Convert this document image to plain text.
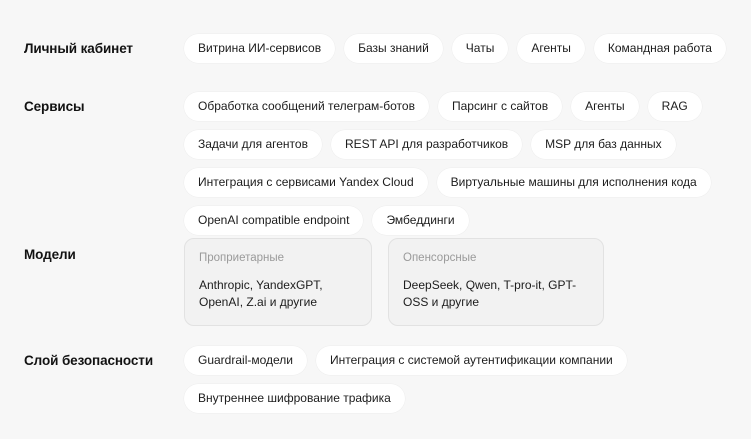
Личный кабинет	Витрина ИИ-сервисов	Базы знаний	Чаты	Агенты	Командная работа
Сервисы	Обработка сообщений телеграм-ботов	Парсинг с сайтов	Агенты	RAG
Задачи для агентов	REST API для разработчиков	MSP для баз данных
Интеграция с сервисами Yandex Cloud	Виртуальные машины для исполнения кода
OpenAI compatible endpoint	Эмбеддинги
Модели	Проприетарные
Anthropic, YandexGPT, OpenAI, Z.ai и другие
Опенсорсные
DeepSeek, Qwen, T-pro-it, GPT-OSS и другие
Слой безопасности	Guardrail-модели	Интеграция с системой аутентификации компании
Внутреннее шифрование трафика
